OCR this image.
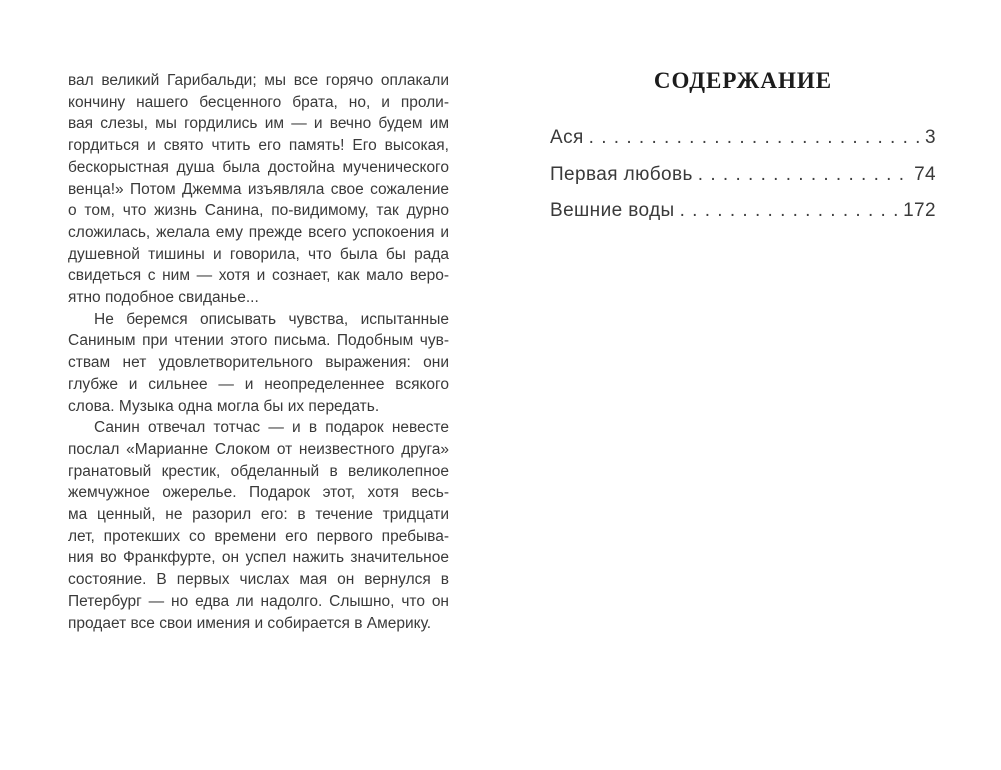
вал великий Гарибальди; мы все горячо оплакали
кончину нашего бесценного брата, но, и проли-
вая слезы, мы гордились им — и вечно будем им
гордиться и свято чтить его память! Его высокая,
бескорыстная душа была достойна мученического
венца!» Потом Джемма изъявляла свое сожаление
о том, что жизнь Санина, по-видимому, так дурно
сложилась, желала ему прежде всего успокоения и
душевной тишины и говорила, что была бы рада
свидеться с ним — хотя и сознает, как мало веро-
ятно подобное свиданье...
Не беремся описывать чувства, испытанные
Саниным при чтении этого письма. Подобным чув-
ствам нет удовлетворительного выражения: они
глубже и сильнее — и неопределеннее всякого
слова. Музыка одна могла бы их передать.
Санин отвечал тотчас — и в подарок невесте
послал «Марианне Слоком от неизвестного друга»
гранатовый крестик, обделанный в великолепное
жемчужное ожерелье. Подарок этот, хотя весь-
ма ценный, не разорил его: в течение тридцати
лет, протекших со времени его первого пребыва-
ния во Франкфурте, он успел нажить значительное
состояние. В первых числах мая он вернулся в
Петербург — но едва ли надолго. Слышно, что он
продает все свои имения и собирается в Америку.
СОДЕРЖАНИЕ
Ася . . .	3
Первая любовь . . .	74
Вешние воды . . .	172
